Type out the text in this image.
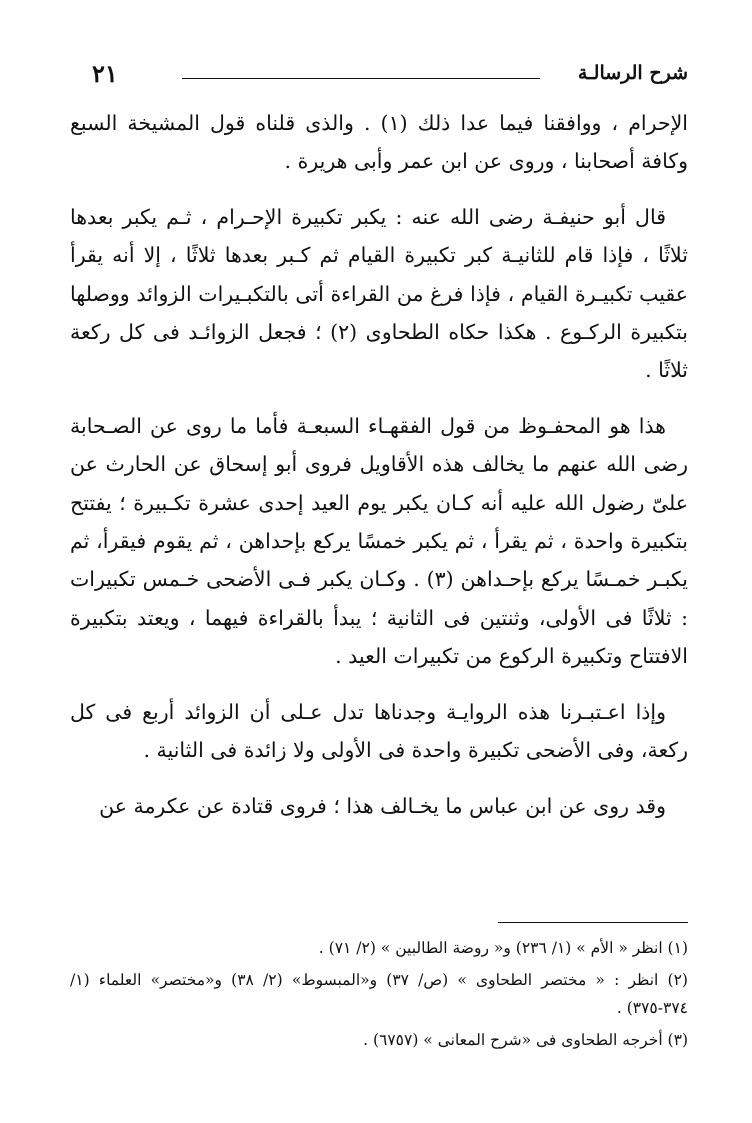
شرح الرسالـة
٢١

الإحرام ، ووافقنا فيما عدا ذلك (١) . والذى قلناه قول المشيخة السبع وكافة أصحابنا ، وروى عن ابن عمر وأبى هريرة .

قال أبو حنيفـة رضى الله عنه : يكبر تكبيرة الإحـرام ، ثـم يكبر بعدها ثلاثًا ، فإذا قام للثانيـة كبر تكبيرة القيام ثم كـبر بعدها ثلاثًا ، إلا أنه يقرأ عقيب تكبيـرة القيام ، فإذا فرغ من القراءة أتى بالتكبـيرات الزوائد ووصلها بتكبيرة الركـوع . هكذا حكاه الطحاوى (٢) ؛ فجعل الزوائـد فى كل ركعة ثلاثًا .

هذا هو المحفـوظ من قول الفقهـاء السبعـة فأما ما روى عن الصـحابة رضى الله عنهم ما يخالف هذه الأقاويل فروى أبو إسحاق عن الحارث عن علىّ رضول الله عليه أنه كـان يكبر يوم العيد إحدى عشرة تكـبيرة ؛ يفتتح بتكبيرة واحدة ، ثم يقرأ ، ثم يكبر خمسًا يركع بإحداهن ، ثم يقوم فيقرأ، ثم يكبـر خمـسًا يركع بإحـداهن (٣) . وكـان يكبر فـى الأضحى خـمس تكبيرات : ثلاثًا فى الأولى، وثنتين فى الثانية ؛ يبدأ بالقراءة فيهما ، ويعتد بتكبيرة الافتتاح وتكبيرة الركوع من تكبيرات العيد .

وإذا اعـتبـرنا هذه الروايـة وجدناها تدل عـلى أن الزوائد أربع فى كل ركعة، وفى الأضحى تكبيرة واحدة فى الأولى ولا زائدة فى الثانية .

وقد روى عن ابن عباس ما يخـالف هذا ؛ فروى قتادة عن عكرمة عن

(١) انظر « الأم » (١/ ٢٣٦) و« روضة الطالبين » (٢/ ٧١) .

(٢) انظر : « مختصر الطحاوى » (ص/ ٣٧) و«المبسوط» (٢/ ٣٨) و«مختصر» العلماء (١/ ٣٧٤-٣٧٥) .

(٣) أخرجه الطحاوى فى «شرح المعانى » (٦٧٥٧) .
